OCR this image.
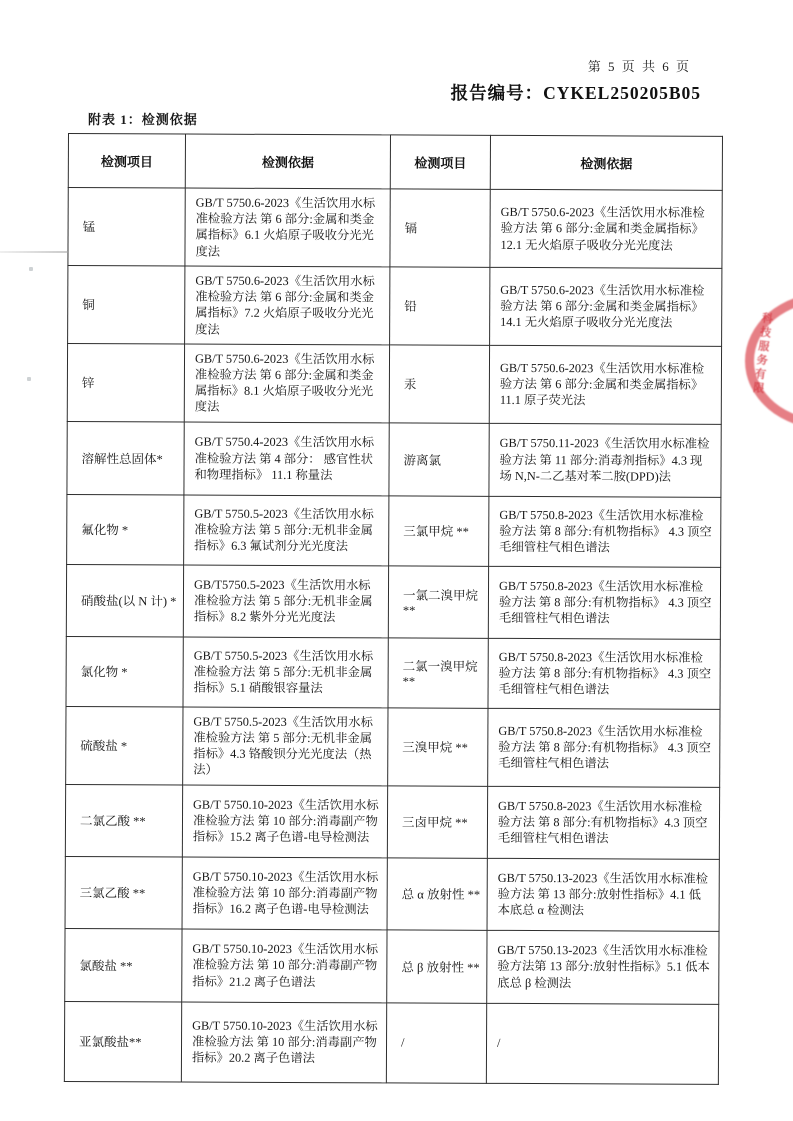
第 5 页 共 6 页
报告编号：CYKEL250205B05
附表 1：检测依据
检测项目	检测依据	检测项目	检测依据
锰	GB/T 5750.6-2023《生活饮用水标准检验方法 第 6 部分:金属和类金属指标》6.1 火焰原子吸收分光光度法	镉	GB/T 5750.6-2023《生活饮用水标准检验方法 第 6 部分:金属和类金属指标》 12.1 无火焰原子吸收分光光度法
铜	GB/T 5750.6-2023《生活饮用水标准检验方法 第 6 部分:金属和类金属指标》7.2 火焰原子吸收分光光度法	铅	GB/T 5750.6-2023《生活饮用水标准检验方法 第 6 部分:金属和类金属指标》14.1 无火焰原子吸收分光光度法
锌	GB/T 5750.6-2023《生活饮用水标准检验方法 第 6 部分:金属和类金属指标》8.1 火焰原子吸收分光光度法	汞	GB/T 5750.6-2023《生活饮用水标准检验方法 第 6 部分:金属和类金属指标》11.1 原子荧光法
溶解性总固体*	GB/T 5750.4-2023《生活饮用水标准检验方法 第 4 部分： 感官性状和物理指标》 11.1 称量法	游离氯	GB/T 5750.11-2023《生活饮用水标准检验方法 第 11 部分:消毒剂指标》4.3 现场 N,N-二乙基对苯二胺(DPD)法
氟化物 *	GB/T 5750.5-2023《生活饮用水标准检验方法 第 5 部分:无机非金属指标》6.3 氟试剂分光光度法	三氯甲烷 **	GB/T 5750.8-2023《生活饮用水标准检验方法 第 8 部分:有机物指标》 4.3 顶空毛细管柱气相色谱法
硝酸盐(以 N 计) *	GB/T5750.5-2023《生活饮用水标准检验方法 第 5 部分:无机非金属指标》8.2 紫外分光光度法	一氯二溴甲烷 **	GB/T 5750.8-2023《生活饮用水标准检验方法 第 8 部分:有机物指标》 4.3 顶空毛细管柱气相色谱法
氯化物 *	GB/T 5750.5-2023《生活饮用水标准检验方法 第 5 部分:无机非金属指标》5.1 硝酸银容量法	二氯一溴甲烷 **	GB/T 5750.8-2023《生活饮用水标准检验方法 第 8 部分:有机物指标》 4.3 顶空毛细管柱气相色谱法
硫酸盐 *	GB/T 5750.5-2023《生活饮用水标准检验方法 第 5 部分:无机非金属指标》4.3 铬酸钡分光光度法（热法）	三溴甲烷 **	GB/T 5750.8-2023《生活饮用水标准检验方法 第 8 部分:有机物指标》 4.3 顶空毛细管柱气相色谱法
二氯乙酸 **	GB/T 5750.10-2023《生活饮用水标准检验方法 第 10 部分:消毒副产物指标》15.2 离子色谱-电导检测法	三卤甲烷 **	GB/T 5750.8-2023《生活饮用水标准检验方法 第 8 部分:有机物指标》4.3 顶空毛细管柱气相色谱法
三氯乙酸 **	GB/T 5750.10-2023《生活饮用水标准检验方法 第 10 部分:消毒副产物指标》16.2 离子色谱-电导检测法	总 α 放射性 **	GB/T 5750.13-2023《生活饮用水标准检验方法 第 13 部分:放射性指标》4.1 低本底总 α 检测法
氯酸盐 **	GB/T 5750.10-2023《生活饮用水标准检验方法 第 10 部分:消毒副产物指标》21.2 离子色谱法	总 β 放射性 **	GB/T 5750.13-2023《生活饮用水标准检验方法第 13 部分:放射性指标》5.1 低本底总 β 检测法
亚氯酸盐**	GB/T 5750.10-2023《生活饮用水标准检验方法 第 10 部分:消毒副产物指标》20.2 离子色谱法	/	/
科技服务有限
